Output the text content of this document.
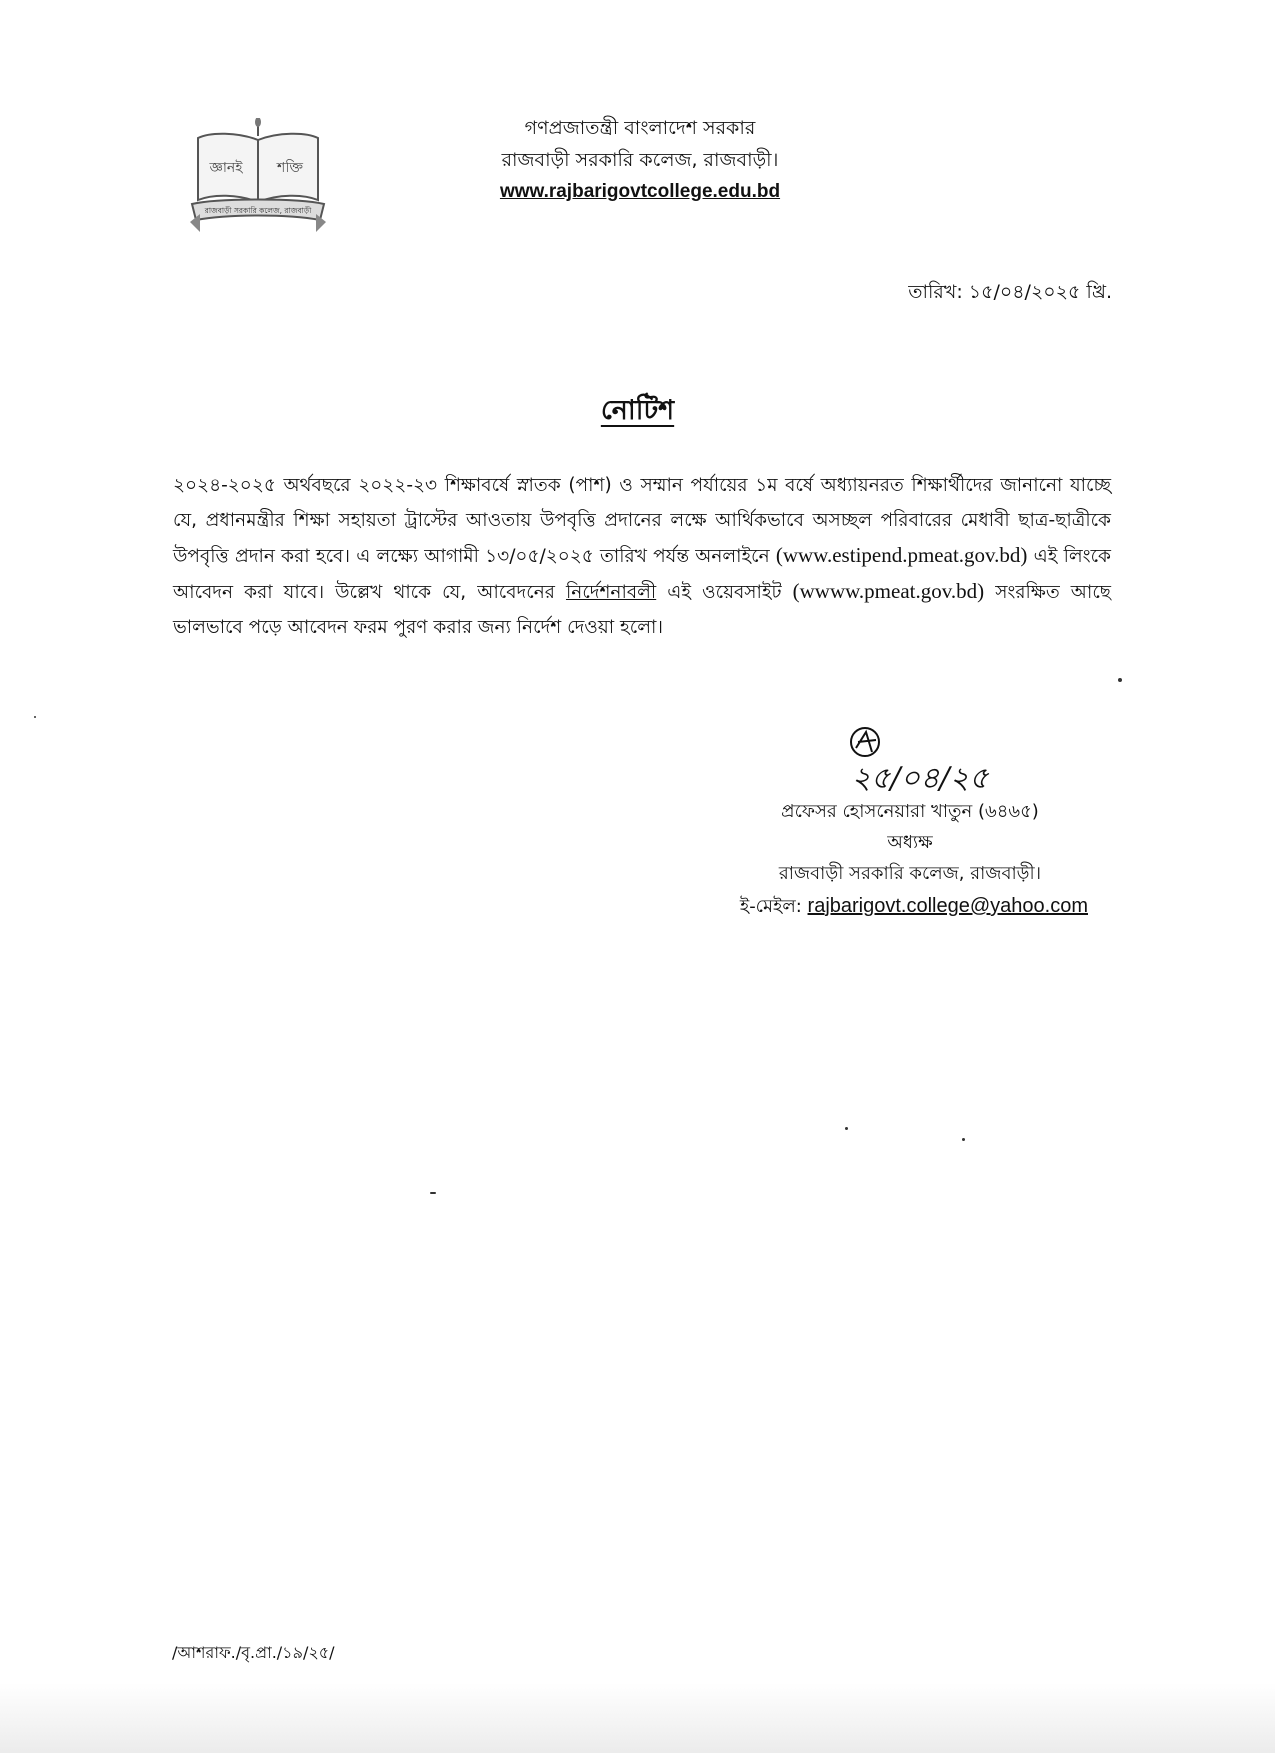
জ্ঞানই শক্তি
রাজবাড়ী সরকারি কলেজ, রাজবাড়ী
গণপ্রজাতন্ত্রী বাংলাদেশ সরকার
রাজবাড়ী সরকারি কলেজ, রাজবাড়ী।
www.rajbarigovtcollege.edu.bd
তারিখ: ১৫/০৪/২০২৫ খ্রি.
নোটিশ
২০২৪-২০২৫ অর্থবছরে ২০২২-২৩ শিক্ষাবর্ষে স্নাতক (পাশ) ও সম্মান পর্যায়ের ১ম বর্ষে অধ্যায়নরত শিক্ষার্থীদের জানানো যাচ্ছে যে, প্রধানমন্ত্রীর শিক্ষা সহায়তা ট্রাস্টের আওতায় উপবৃত্তি প্রদানের লক্ষে আর্থিকভাবে অসচ্ছল পরিবারের মেধাবী ছাত্র-ছাত্রীকে উপবৃত্তি প্রদান করা হবে। এ লক্ষ্যে আগামী ১৩/০৫/২০২৫ তারিখ পর্যন্ত অনলাইনে (www.estipend.pmeat.gov.bd) এই লিংকে আবেদন করা যাবে। উল্লেখ থাকে যে, আবেদনের নির্দেশনাবলী এই ওয়েবসাইট (wwww.pmeat.gov.bd) সংরক্ষিত আছে ভালভাবে পড়ে আবেদন ফরম পুরণ করার জন্য নির্দেশ দেওয়া হলো।
২৫/০৪/২৫
প্রফেসর হোসনেয়ারা খাতুন (৬৪৬৫)
অধ্যক্ষ
রাজবাড়ী সরকারি কলেজ, রাজবাড়ী।
ই-মেইল: rajbarigovt.college@yahoo.com
/আশরাফ./বৃ.প্রা./১৯/২৫/
